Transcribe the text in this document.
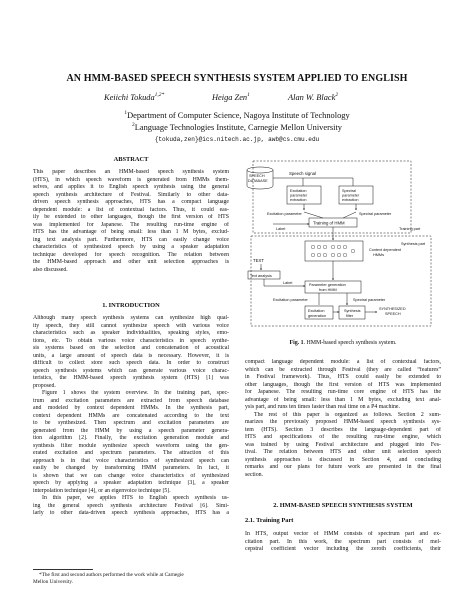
AN HMM-BASED SPEECH SYNTHESIS SYSTEM APPLIED TO ENGLISH
Keiichi Tokuda$^{1,2*}$	Heiga Zen$^1$	Alan W. Black$^2$
$^1$Department of Computer Science, Nagoya Institute of Technology
$^2$Language Technologies Institute, Carnegie Mellon University
{tokuda,zen}@ics.nitech.ac.jp, awb@cs.cmu.edu
ABSTRACT
This paper describes an HMM-based speech synthesis system
(HTS), in which speech waveform is generated from HMMs them-
selves, and applies it to English speech synthesis using the general
speech synthesis architecture of Festival. Similarly to other data-
driven speech synthesis approaches, HTS has a compact language
dependent module: a list of contextual factors. Thus, it could eas-
ily be extended to other languages, though the first version of HTS
was implemented for Japanese. The resulting run-time engine of
HTS has the advantage of being small: less than 1 M bytes, exclud-
ing text analysis part. Furthermore, HTS can easily change voice
characteristics of synthesized speech by using a speaker adaptation
technique developed for speech recognition. The relation between
the HMM-based approach and other unit selection approaches is
also discussed.
1. INTRODUCTION
Although many speech synthesis systems can synthesize high qual-
ity speech, they still cannot synthesize speech with various voice
characteristics such as speaker individualities, speaking styles, emo-
tions, etc. To obtain various voice characteristics in speech synthe-
sis systems based on the selection and concatenation of acoustical
units, a large amount of speech data is necessary. However, it is
difficult to collect store such speech data. In order to construct
speech synthesis systems which can generate various voice charac-
teristics, the HMM-based speech synthesis system (HTS) [1] was
proposed.
Figure 1 shows the system overview. In the training part, spec-
trum and excitation parameters are extracted from speech database
and modeled by context dependent HMMs. In the synthesis part,
context dependent HMMs are concatenated according to the text
to be synthesized. Then spectrum and excitation parameters are
generated from the HMM by using a speech parameter genera-
tion algorithm [2]. Finally, the excitation generation module and
synthesis filter module synthesize speech waveform using the gen-
erated excitation and spectrum parameters. The attraction of this
approach is in that voice characteristics of synthesized speech can
easily be changed by transforming HMM parameters. In fact, it
is shown that we can change voice characteristics of synthesized
speech by applying a speaker adaptation technique [3], a speaker
interpolation technique [4], or an eigenvoice technique [5].
In this paper, we applies HTS to English speech synthesis us-
ing the general speech synthesis architecture Festival [6]. Simi-
larly to other data-driven speech synthesis approaches, HTS has a
*The first and second authors performed the work while at Carnegie
Mellon University.
SPEECH
DATABASE
Speech signal
Excitation
parameter
extraction
Spectral
parameter
extraction
Excitation parameter	Spectral parameter
Training of HMM
Label	Training part
Synthesis part
Context dependent
HMMs
TEXT
Text analysis
Label	Parameter generation
from HMM
Excitation parameter	Spectral parameter
Excitation
generation
Synthesis
filter
SYNTHESIZED
SPEECH
Fig. 1. HMM-based speech synthesis system.
compact language dependent module: a list of contextual factors,
which can be extracted through Festival (they are called “features”
in Festival framework). Thus, HTS could easily be extended to
other languages, though the first version of HTS was implemented
for Japanese. The resulting run-time core engine of HTS has the
advantage of being small: less than 1 M bytes, excluding text anal-
ysis part, and runs ten times faster than real time on a P4 machine.
The rest of this paper is organized as follows. Section 2 sum-
marizes the previously proposed HMM-based speech synthesis sys-
tem (HTS). Section 3 describes the language-dependent part of
HTS and specifications of the resulting run-time engine, which
was trained by using Festival architecture and plugged into Fes-
tival. The relation between HTS and other unit selection speech
synthesis approaches is discussed in Section 4, and concluding
remarks and our plans for future work are presented in the final
section.
2. HMM-BASED SPEECH SYNTHESIS SYSTEM
2.1. Training Part
In HTS, output vector of HMM consists of spectrum part and ex-
citation part. In this work, the spectrum part consists of mel-
cepstral coefficient vector including the zeroth coefficients, their
